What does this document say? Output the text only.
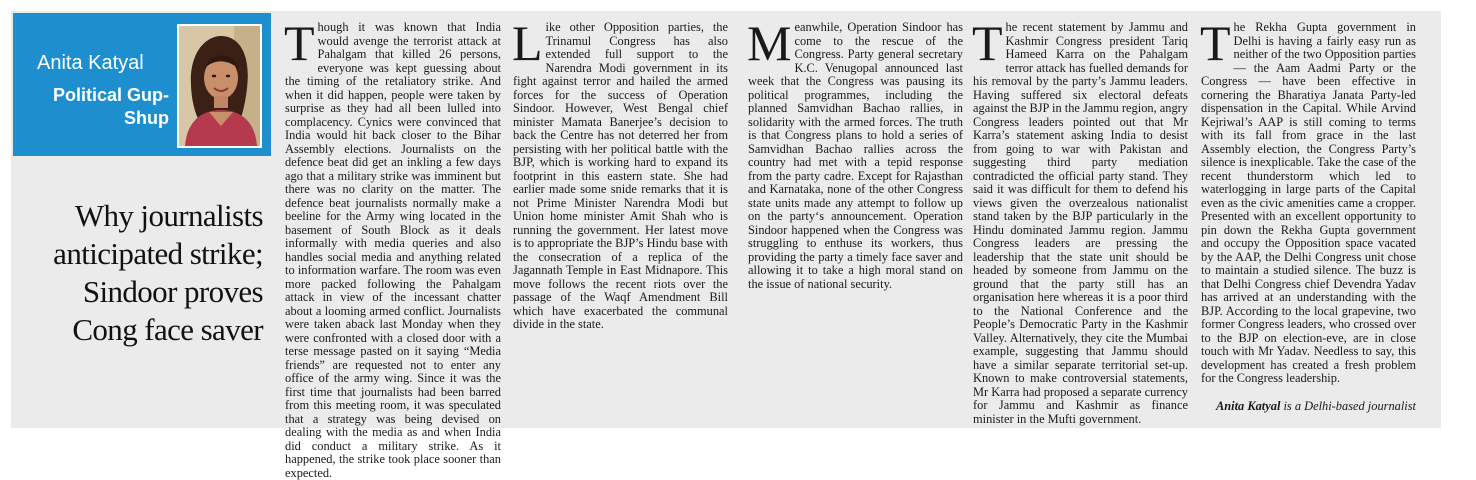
Anita Katyal
Political Gup-Shup
Why journalists anticipated strike; Sindoor proves Cong face saver

Though it was known that India would avenge the terrorist attack at Pahalgam that killed 26 persons, everyone was kept guessing about the timing of the retaliatory strike. And when it did happen, people were taken by surprise as they had all been lulled into complacency. Cynics were convinced that India would hit back closer to the Bihar Assembly elections. Journalists on the defence beat did get an inkling a few days ago that a military strike was imminent but there was no clarity on the matter. The defence beat journalists normally make a beeline for the Army wing located in the basement of South Block as it deals informally with media queries and also handles social media and anything related to information warfare. The room was even more packed following the Pahalgam attack in view of the incessant chatter about a looming armed conflict. Journalists were taken aback last Monday when they were confronted with a closed door with a terse message pasted on it saying “Media friends” are requested not to enter any office of the army wing. Since it was the first time that journalists had been barred from this meeting room, it was speculated that a strategy was being devised on dealing with the media as and when India did conduct a military strike. As it happened, the strike took place sooner than expected.

Like other Opposition parties, the Trinamul Congress has also extended full support to the Narendra Modi government in its fight against terror and hailed the armed forces for the success of Operation Sindoor. However, West Bengal chief minister Mamata Banerjee’s decision to back the Centre has not deterred her from persisting with her political battle with the BJP, which is working hard to expand its footprint in this eastern state. She had earlier made some snide remarks that it is not Prime Minister Narendra Modi but Union home minister Amit Shah who is running the government. Her latest move is to appropriate the BJP’s Hindu base with the consecration of a replica of the Jagannath Temple in East Midnapore. This move follows the recent riots over the passage of the Waqf Amendment Bill which have exacerbated the communal divide in the state.

Meanwhile, Operation Sindoor has come to the rescue of the Congress. Party general secretary K.C. Venugopal announced last week that the Congress was pausing its political programmes, including the planned Samvidhan Bachao rallies, in solidarity with the armed forces. The truth is that Congress plans to hold a series of Samvidhan Bachao rallies across the country had met with a tepid response from the party cadre. Except for Rajasthan and Karnataka, none of the other Congress state units made any attempt to follow up on the party‘s announcement. Operation Sindoor happened when the Congress was struggling to enthuse its workers, thus providing the party a timely face saver and allowing it to take a high moral stand on the issue of national security.

The recent statement by Jammu and Kashmir Congress president Tariq Hameed Karra on the Pahalgam terror attack has fuelled demands for his removal by the party’s Jammu leaders. Having suffered six electoral defeats against the BJP in the Jammu region, angry Congress leaders pointed out that Mr Karra’s statement asking India to desist from going to war with Pakistan and suggesting third party mediation contradicted the official party stand. They said it was difficult for them to defend his views given the overzealous nationalist stand taken by the BJP particularly in the Hindu dominated Jammu region. Jammu Congress leaders are pressing the leadership that the state unit should be headed by someone from Jammu on the ground that the party still has an organisation here whereas it is a poor third to the National Conference and the People’s Democratic Party in the Kashmir Valley. Alternatively, they cite the Mumbai example, suggesting that Jammu should have a similar separate territorial set-up. Known to make controversial statements, Mr Karra had proposed a separate currency for Jammu and Kashmir as finance minister in the Mufti government.

The Rekha Gupta government in Delhi is having a fairly easy run as neither of the two Opposition parties — the Aam Aadmi Party or the Congress — have been effective in cornering the Bharatiya Janata Party-led dispensation in the Capital. While Arvind Kejriwal’s AAP is still coming to terms with its fall from grace in the last Assembly election, the Congress Party’s silence is inexplicable. Take the case of the recent thunderstorm which led to waterlogging in large parts of the Capital even as the civic amenities came a cropper. Presented with an excellent opportunity to pin down the Rekha Gupta government and occupy the Opposition space vacated by the AAP, the Delhi Congress unit chose to maintain a studied silence. The buzz is that Delhi Congress chief Devendra Yadav has arrived at an understanding with the BJP. According to the local grapevine, two former Congress leaders, who crossed over to the BJP on election-eve, are in close touch with Mr Yadav. Needless to say, this development has created a fresh problem for the Congress leadership.

Anita Katyal is a Delhi-based journalist
